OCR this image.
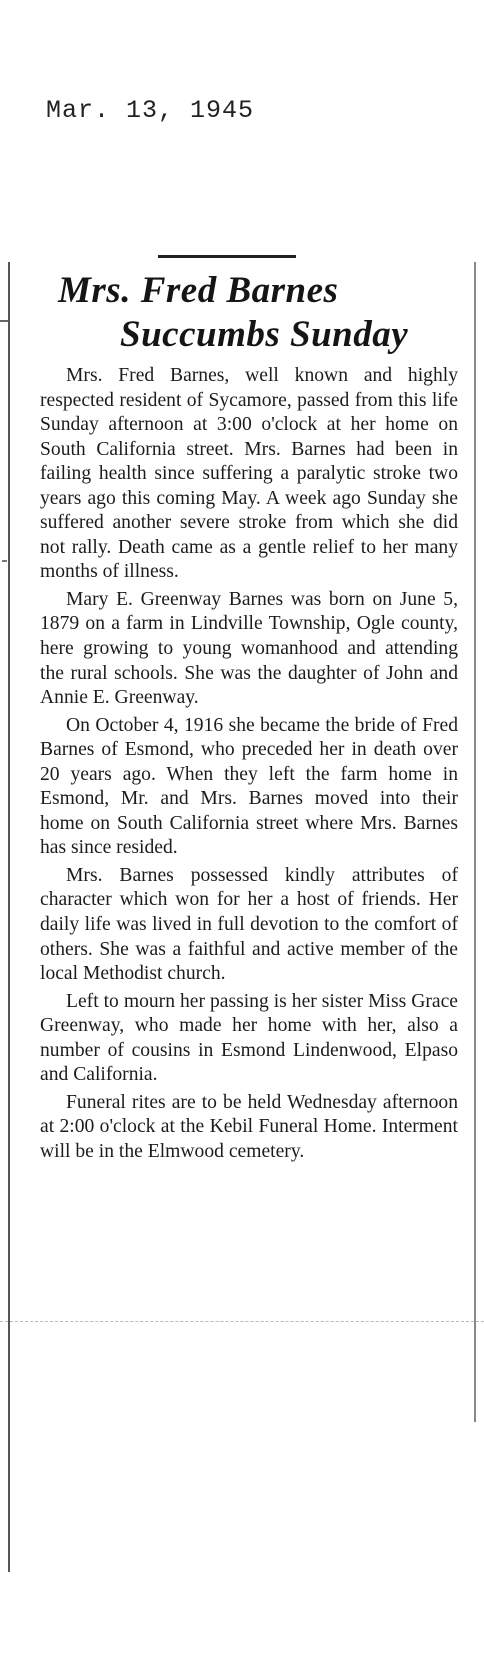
Mar. 13, 1945
Mrs. Fred Barnes
Succumbs Sunday

Mrs. Fred Barnes, well known and highly respected resident of Sycamore, passed from this life Sunday afternoon at 3:00 o'clock at her home on South California street. Mrs. Barnes had been in failing health since suffering a paralytic stroke two years ago this coming May. A week ago Sunday she suffered another severe stroke from which she did not rally. Death came as a gentle relief to her many months of illness.

Mary E. Greenway Barnes was born on June 5, 1879 on a farm in Lindville Township, Ogle county, here growing to young womanhood and attending the rural schools. She was the daughter of John and Annie E. Greenway.

On October 4, 1916 she became the bride of Fred Barnes of Esmond, who preceded her in death over 20 years ago. When they left the farm home in Esmond, Mr. and Mrs. Barnes moved into their home on South California street where Mrs. Barnes has since resided.

Mrs. Barnes possessed kindly attributes of character which won for her a host of friends. Her daily life was lived in full devotion to the comfort of others. She was a faithful and active member of the local Methodist church.

Left to mourn her passing is her sister Miss Grace Greenway, who made her home with her, also a number of cousins in Esmond Lindenwood, Elpaso and California.

Funeral rites are to be held Wednesday afternoon at 2:00 o'clock at the Kebil Funeral Home. Interment will be in the Elmwood cemetery.
